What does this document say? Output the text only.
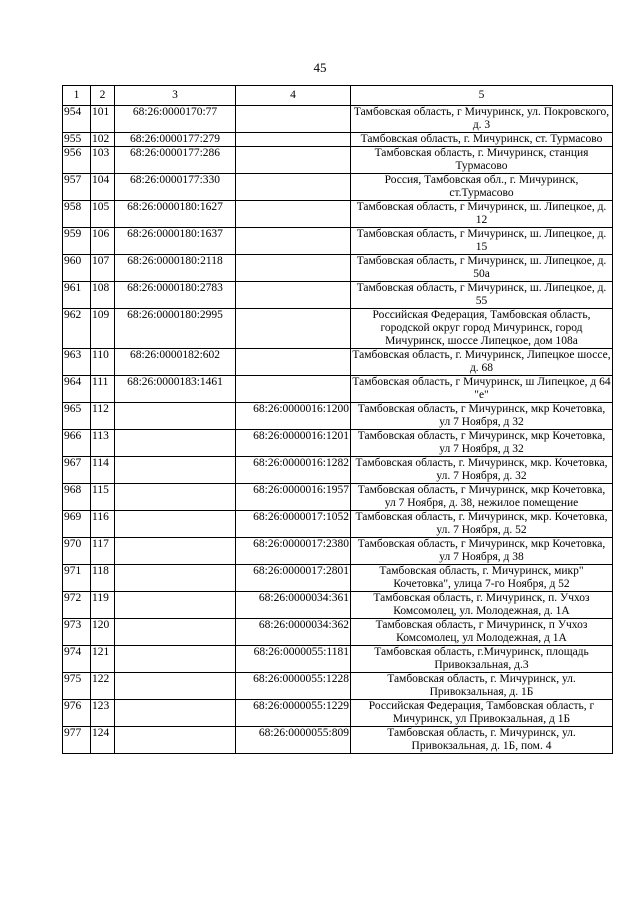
45
1	2	3	4	5
954	101	68:26:0000170:77		Тамбовская область, г Мичуринск, ул. Покровского, д. 3
955	102	68:26:0000177:279		Тамбовская область, г. Мичуринск, ст. Турмасово
956	103	68:26:0000177:286		Тамбовская область, г. Мичуринск, станция Турмасово
957	104	68:26:0000177:330		Россия, Тамбовская обл., г. Мичуринск, ст.Турмасово
958	105	68:26:0000180:1627		Тамбовская область, г Мичуринск, ш. Липецкое, д. 12
959	106	68:26:0000180:1637		Тамбовская область, г Мичуринск, ш. Липецкое, д. 15
960	107	68:26:0000180:2118		Тамбовская область, г Мичуринск, ш. Липецкое, д. 50а
961	108	68:26:0000180:2783		Тамбовская область, г Мичуринск, ш. Липецкое, д. 55
962	109	68:26:0000180:2995		Российская Федерация, Тамбовская область, городской округ город Мичуринск, город Мичуринск, шоссе Липецкое, дом 108а
963	110	68:26:0000182:602		Тамбовская область, г. Мичуринск, Липецкое шоссе, д. 68
964	111	68:26:0000183:1461		Тамбовская область, г Мичуринск, ш Липецкое, д 64 "е"
965	112		68:26:0000016:1200	Тамбовская область, г Мичуринск, мкр Кочетовка, ул 7 Ноября, д 32
966	113		68:26:0000016:1201	Тамбовская область, г Мичуринск, мкр Кочетовка, ул 7 Ноября, д 32
967	114		68:26:0000016:1282	Тамбовская область, г. Мичуринск, мкр. Кочетовка, ул. 7 Ноября, д. 32
968	115		68:26:0000016:1957	Тамбовская область, г Мичуринск, мкр Кочетовка, ул 7 Ноября, д. 38, нежилое помещение
969	116		68:26:0000017:1052	Тамбовская область, г. Мичуринск, мкр. Кочетовка, ул. 7 Ноября, д. 52
970	117		68:26:0000017:2380	Тамбовская область, г Мичуринск, мкр Кочетовка, ул 7 Ноября, д 38
971	118		68:26:0000017:2801	Тамбовская область, г. Мичуринск, микр" Кочетовка", улица 7-го Ноября, д 52
972	119		68:26:0000034:361	Тамбовская область, г. Мичуринск, п. Учхоз Комсомолец, ул. Молодежная, д. 1А
973	120		68:26:0000034:362	Тамбовская область, г Мичуринск, п Учхоз Комсомолец, ул Молодежная, д 1А
974	121		68:26:0000055:1181	Тамбовская область, г.Мичуринск, площадь Привокзальная, д.3
975	122		68:26:0000055:1228	Тамбовская область, г. Мичуринск, ул. Привокзальная, д. 1Б
976	123		68:26:0000055:1229	Российская Федерация, Тамбовская область, г Мичуринск, ул Привокзальная, д 1Б
977	124		68:26:0000055:809	Тамбовская область, г. Мичуринск, ул. Привокзальная, д. 1Б, пом. 4
